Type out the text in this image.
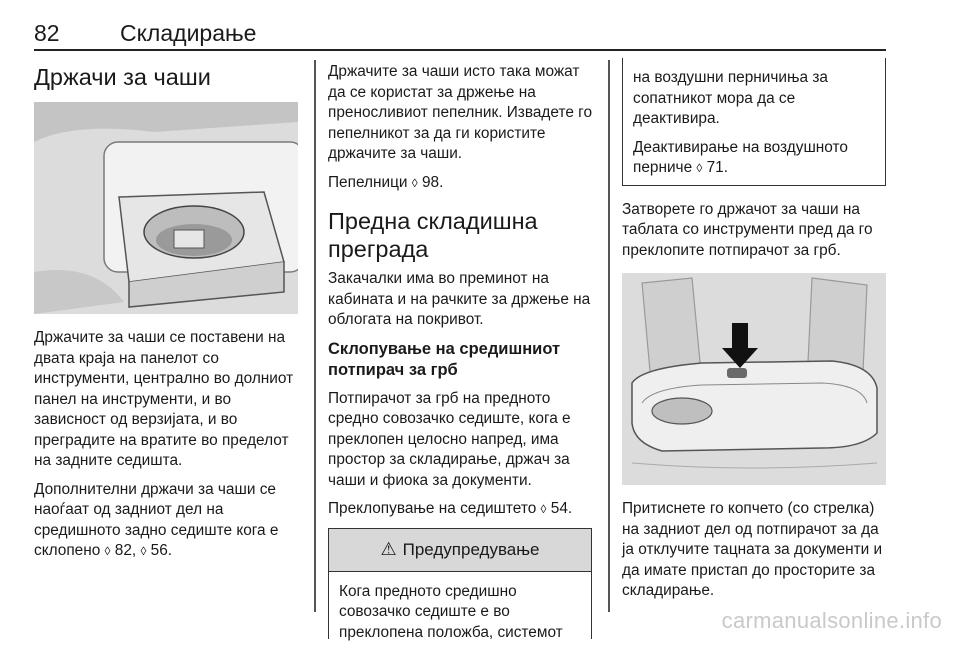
82	Складирање
Држачи за чаши

Држачите за чаши се поставени на двата краја на панелот со инструменти, централно во долниот панел на инструменти, и во зависност од верзијата, и во преградите на вратите во пределот на задните седишта.

Дополнителни држачи за чаши се наоѓаат од задниот дел на средишното задно седиште кога е склопено ◊ 82, ◊ 56.

Држачите за чаши исто така можат да се користат за држење на преносливиот пепелник. Извадете го пепелникот за да ги користите држачите за чаши.

Пепелници ◊ 98.

Предна складишна преграда

Закачалки има во преминот на кабината и на рачките за држење на облогата на покривот.

Склопување на средишниот потпирач за грб

Потпирачот за грб на предното средно совозачко седиште, кога е преклопен целосно напред, има простор за складирање, држач за чаши и фиока за документи.

Преклопување на седиштето ◊ 54.

⚠ Предупредување

Кога предното средишно совозачко седиште е во преклопена положба, системот

на воздушни перничиња за сопатникот мора да се деактивира.

Деактивирање на воздушното перниче ◊ 71.

Затворете го држачот за чаши на таблата со инструменти пред да го преклопите потпирачот за грб.

Притиснете го копчето (со стрелка) на задниот дел од потпирачот за да ја отклучите тацната за документи и да имате пристап до просторите за складирање.

carmanualsonline.info
